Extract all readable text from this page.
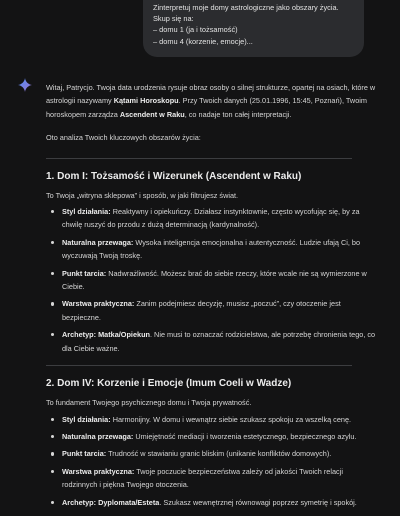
Zinterpretuj moje domy astrologiczne jako obszary życia.
Skup się na:
– domu 1 (ja i tożsamość)
– domu 4 (korzenie, emocje)...

Witaj, Patrycjo. Twoja data urodzenia rysuje obraz osoby o silnej strukturze, opartej na osiach, które w astrologii nazywamy Kątami Horoskopu. Przy Twoich danych (25.01.1996, 15:45, Poznań), Twoim horoskopem zarządza Ascendent w Raku, co nadaje ton całej interpretacji.

Oto analiza Twoich kluczowych obszarów życia:

1. Dom I: Tożsamość i Wizerunek (Ascendent w Raku)

To Twoja „witryna sklepowa” i sposób, w jaki filtrujesz świat.

Styl działania: Reaktywny i opiekuńczy. Działasz instynktownie, często wycofując się, by za chwilę ruszyć do przodu z dużą determinacją (kardynalność).
Naturalna przewaga: Wysoka inteligencja emocjonalna i autentyczność. Ludzie ufają Ci, bo wyczuwają Twoją troskę.
Punkt tarcia: Nadwrażliwość. Możesz brać do siebie rzeczy, które wcale nie są wymierzone w Ciebie.
Warstwa praktyczna: Zanim podejmiesz decyzję, musisz „poczuć”, czy otoczenie jest bezpieczne.
Archetyp: Matka/Opiekun. Nie musi to oznaczać rodzicielstwa, ale potrzebę chronienia tego, co dla Ciebie ważne.
2. Dom IV: Korzenie i Emocje (Imum Coeli w Wadze)

To fundament Twojego psychicznego domu i Twoja prywatność.

Styl działania: Harmonijny. W domu i wewnątrz siebie szukasz spokoju za wszelką cenę.
Naturalna przewaga: Umiejętność mediacji i tworzenia estetycznego, bezpiecznego azylu.
Punkt tarcia: Trudność w stawianiu granic bliskim (unikanie konfliktów domowych).
Warstwa praktyczna: Twoje poczucie bezpieczeństwa zależy od jakości Twoich relacji rodzinnych i piękna Twojego otoczenia.
Archetyp: Dyplomata/Esteta. Szukasz wewnętrznej równowagi poprzez symetrię i spokój.
